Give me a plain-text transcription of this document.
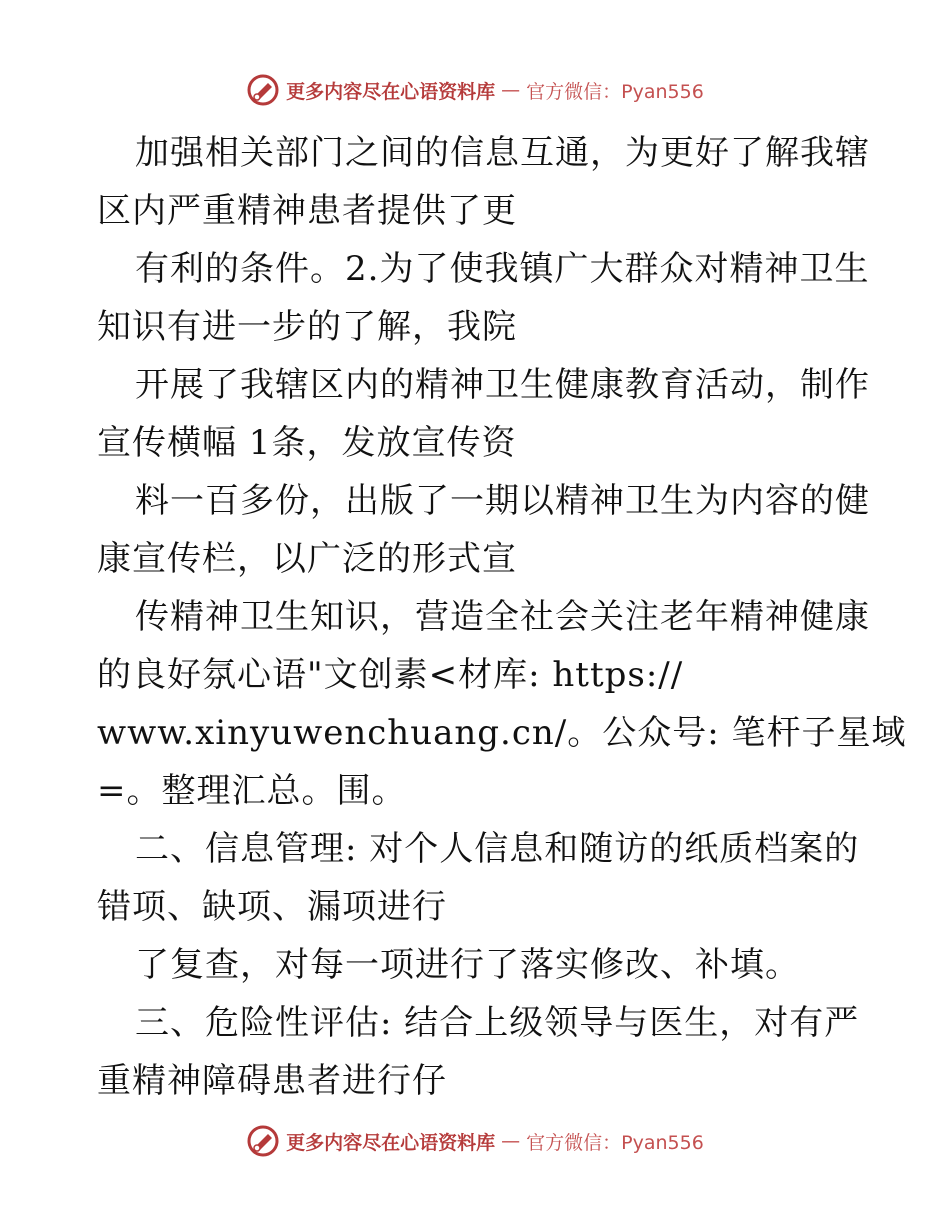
更多内容尽在心语资料库 — 官方微信：Pyan556
加强相关部门之间的信息互通，为更好了解我辖
区内严重精神患者提供了更
有利的条件。2.为了使我镇广大群众对精神卫生
知识有进一步的了解，我院
开展了我辖区内的精神卫生健康教育活动，制作
宣传横幅 1条，发放宣传资
料一百多份，出版了一期以精神卫生为内容的健
康宣传栏，以广泛的形式宣
传精神卫生知识，营造全社会关注老年精神健康
的良好氛心语"文创素<材库: https://
www.xinyuwenchuang.cn/。公众号: 笔杆子星域
=。整理汇总。围。
二、信息管理: 对个人信息和随访的纸质档案的
错项、缺项、漏项进行
了复查，对每一项进行了落实修改、补填。
三、危险性评估: 结合上级领导与医生，对有严
重精神障碍患者进行仔
更多内容尽在心语资料库 — 官方微信：Pyan556
